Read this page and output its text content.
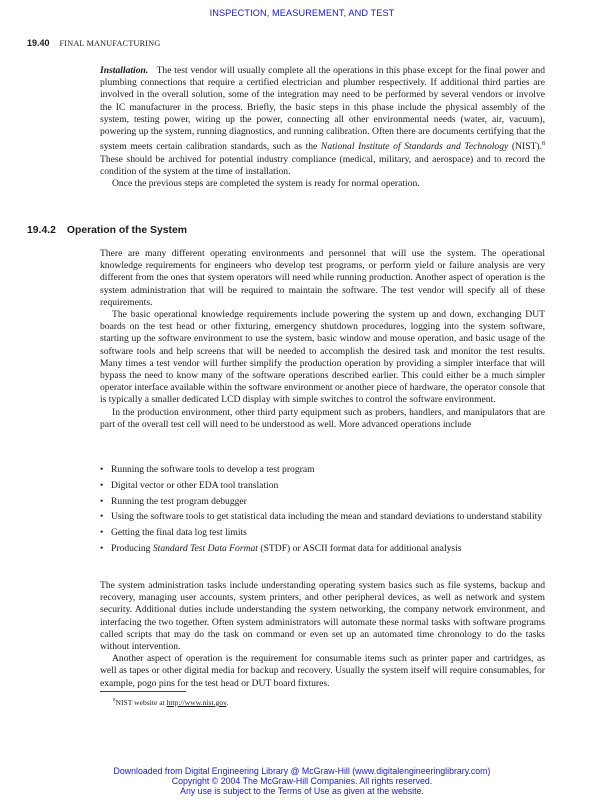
INSPECTION, MEASUREMENT, AND TEST
19.40 FINAL MANUFACTURING

Installation. The test vendor will usually complete all the operations in this phase except for the final power and plumbing connections that require a certified electrician and plumber respectively. If additional third parties are involved in the overall solution, some of the integration may need to be performed by several vendors or involve the IC manufacturer in the process. Briefly, the basic steps in this phase include the physical assembly of the system, testing power, wiring up the power, connecting all other environmental needs (water, air, vacuum), powering up the system, running diagnostics, and running calibration. Often there are documents certifying that the system meets certain calibration standards, such as the National Institute of Standards and Technology (NIST).$^8$ These should be archived for potential industry compliance (medical, military, and aerospace) and to record the condition of the system at the time of installation.

Once the previous steps are completed the system is ready for normal operation.

19.4.2 Operation of the System

There are many different operating environments and personnel that will use the system. The operational knowledge requirements for engineers who develop test programs, or perform yield or failure analysis are very different from the ones that system operators will need while running production. Another aspect of operation is the system administration that will be required to maintain the software. The test vendor will specify all of these requirements.

The basic operational knowledge requirements include powering the system up and down, exchanging DUT boards on the test head or other fixturing, emergency shutdown procedures, logging into the system software, starting up the software environment to use the system, basic window and mouse operation, and basic usage of the software tools and help screens that will be needed to accomplish the desired task and monitor the test results. Many times a test vendor will further simplify the production operation by providing a simpler interface that will bypass the need to know many of the software operations described earlier. This could either be a much simpler operator interface available within the software environment or another piece of hardware, the operator console that is typically a smaller dedicated LCD display with simple switches to control the software environment.

In the production environment, other third party equipment such as probers, handlers, and manipulators that are part of the overall test cell will need to be understood as well. More advanced operations include

• Running the software tools to develop a test program
• Digital vector or other EDA tool translation
• Running the test program debugger
• Using the software tools to get statistical data including the mean and standard deviations to understand stability
• Getting the final data log test limits
• Producing Standard Test Data Format (STDF) or ASCII format data for additional analysis

The system administration tasks include understanding operating system basics such as file systems, backup and recovery, managing user accounts, system printers, and other peripheral devices, as well as network and system security. Additional duties include understanding the system networking, the company network environment, and interfacing the two together. Often system administrators will automate these normal tasks with software programs called scripts that may do the task on command or even set up an automated time chronology to do the tasks without intervention.

Another aspect of operation is the requirement for consumable items such as printer paper and cartridges, as well as tapes or other digital media for backup and recovery. Usually the system itself will require consumables, for example, pogo pins for the test head or DUT board fixtures.

$^8$NIST website at http://www.nist.gov.
Downloaded from Digital Engineering Library @ McGraw-Hill (www.digitalengineeringlibrary.com)
Copyright © 2004 The McGraw-Hill Companies. All rights reserved.
Any use is subject to the Terms of Use as given at the website.
